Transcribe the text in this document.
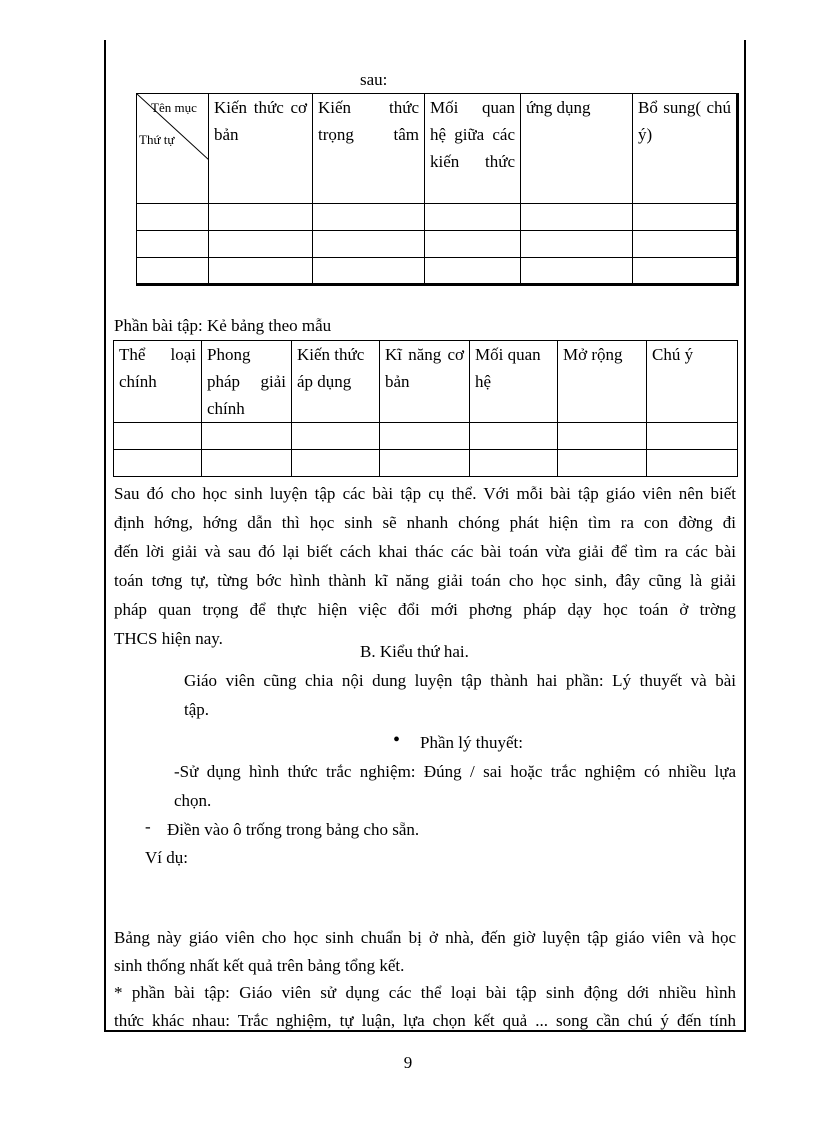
sau:
Tên mục
Thứ tự	Kiến thức cơ bản	Kiến thức trọng tâm	Mối quan hệ giữa các kiến thức	ứng dụng	Bổ sung( chú ý)

Phần bài tập: Kẻ bảng theo mẫu
Thể loại chính	Phong pháp giải chính	Kiến thức áp dụng	Kĩ năng cơ bản	Mối quan hệ	Mở rộng	Chú ý

Sau đó cho học sinh luyện tập các bài tập cụ thể. Với mỗi bài tập giáo viên nên biết
định hớng, hớng dẫn thì học sinh sẽ nhanh chóng phát hiện tìm ra con đờng đi
đến lời giải và sau đó lại biết cách khai thác các bài toán vừa giải để tìm ra các bài
toán tơng tự, từng bớc hình thành kĩ năng giải toán cho học sinh, đây cũng là giải
pháp quan trọng để thực hiện việc đổi mới phơng pháp dạy học toán ở trờng
THCS hiện nay.
B. Kiểu thứ hai.
Giáo viên cũng chia nội dung luyện tập thành hai phần: Lý thuyết và bài
tập.
• Phần lý thuyết:
-Sử dụng hình thức trắc nghiệm: Đúng / sai hoặc trắc nghiệm có nhiều lựa
chọn.
- Điền vào ô trống trong bảng cho sẵn.
Ví dụ:
Bảng này giáo viên cho học sinh chuẩn bị ở nhà, đến giờ luyện tập giáo viên và học
sinh thống nhất kết quả trên bảng tổng kết.
* phần bài tập: Giáo viên sử dụng các thể loại bài tập sinh động dới nhiều hình
thức khác nhau: Trắc nghiệm, tự luận, lựa chọn kết quả ... song cần chú ý đến tính
9
